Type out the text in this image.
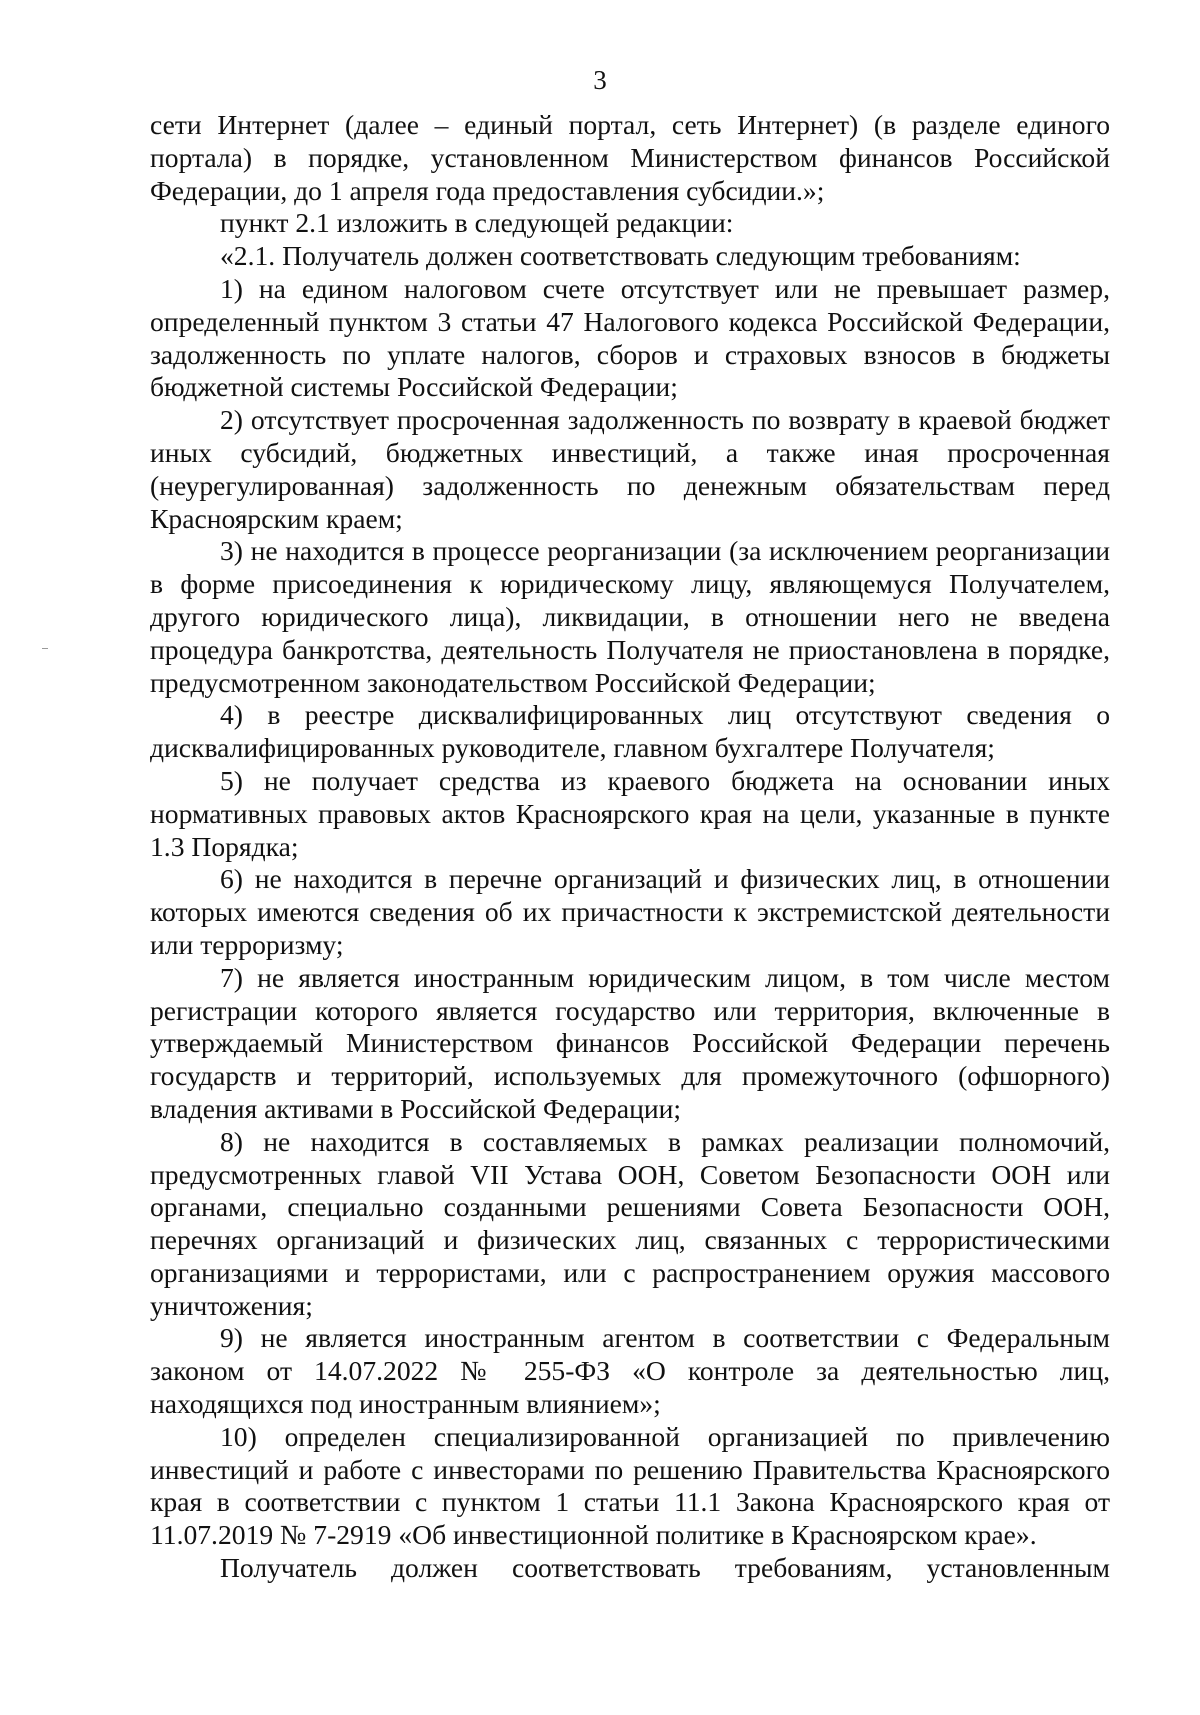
3

сети Интернет (далее – единый портал, сеть Интернет) (в разделе единого портала) в порядке, установленном Министерством финансов Российской Федерации, до 1 апреля года предоставления субсидии.»;

пункт 2.1 изложить в следующей редакции:

«2.1. Получатель должен соответствовать следующим требованиям:

1) на едином налоговом счете отсутствует или не превышает размер, определенный пунктом 3 статьи 47 Налогового кодекса Российской Федерации, задолженность по уплате налогов, сборов и страховых взносов в бюджеты бюджетной системы Российской Федерации;

2) отсутствует просроченная задолженность по возврату в краевой бюджет иных субсидий, бюджетных инвестиций, а также иная просроченная (неурегулированная) задолженность по денежным обязательствам перед Красноярским краем;

3) не находится в процессе реорганизации (за исключением реорганизации в форме присоединения к юридическому лицу, являющемуся Получателем, другого юридического лица), ликвидации, в отношении него не введена процедура банкротства, деятельность Получателя не приостановлена в порядке, предусмотренном законодательством Российской Федерации;

4) в реестре дисквалифицированных лиц отсутствуют сведения о дисквалифицированных руководителе, главном бухгалтере Получателя;

5) не получает средства из краевого бюджета на основании иных нормативных правовых актов Красноярского края на цели, указанные в пункте 1.3 Порядка;

6) не находится в перечне организаций и физических лиц, в отношении которых имеются сведения об их причастности к экстремистской деятельности или терроризму;

7) не является иностранным юридическим лицом, в том числе местом регистрации которого является государство или территория, включенные в утверждаемый Министерством финансов Российской Федерации перечень государств и территорий, используемых для промежуточного (офшорного) владения активами в Российской Федерации;

8) не находится в составляемых в рамках реализации полномочий, предусмотренных главой VII Устава ООН, Советом Безопасности ООН или органами, специально созданными решениями Совета Безопасности ООН, перечнях организаций и физических лиц, связанных с террористическими организациями и террористами, или с распространением оружия массового уничтожения;

9) не является иностранным агентом в соответствии с Федеральным законом от 14.07.2022 № 255-ФЗ «О контроле за деятельностью лиц, находящихся под иностранным влиянием»;

10) определен специализированной организацией по привлечению инвестиций и работе с инвесторами по решению Правительства Красноярского края в соответствии с пунктом 1 статьи 11.1 Закона Красноярского края от 11.07.2019 № 7-2919 «Об инвестиционной политике в Красноярском крае».

Получатель должен соответствовать требованиям, установленным
